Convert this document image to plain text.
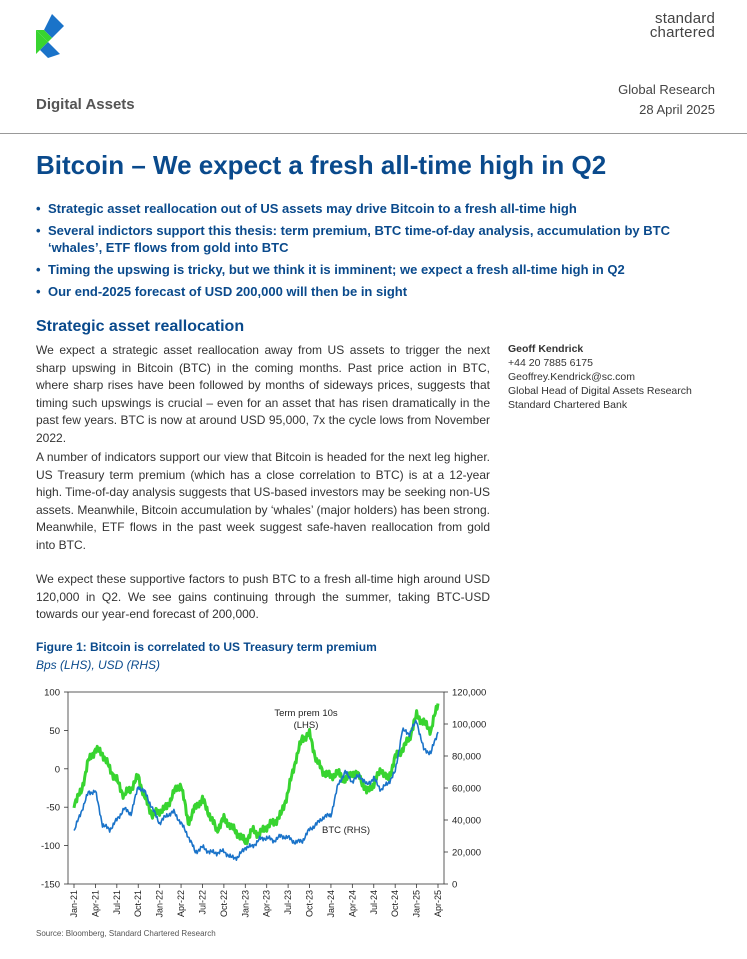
standard
chartered
Digital Assets
Global Research
28 April 2025
Bitcoin – We expect a fresh all-time high in Q2
• Strategic asset reallocation out of US assets may drive Bitcoin to a fresh all-time high
• Several indictors support this thesis: term premium, BTC time-of-day analysis, accumulation by BTC ‘whales’, ETF flows from gold into BTC
• Timing the upswing is tricky, but we think it is imminent; we expect a fresh all-time high in Q2
• Our end-2025 forecast of USD 200,000 will then be in sight
Strategic asset reallocation

We expect a strategic asset reallocation away from US assets to trigger the next sharp upswing in Bitcoin (BTC) in the coming months. Past price action in BTC, where sharp rises have been followed by months of sideways prices, suggests that timing such upswings is crucial – even for an asset that has risen dramatically in the past few years. BTC is now at around USD 95,000, 7x the cycle lows from November 2022.

A number of indicators support our view that Bitcoin is headed for the next leg higher. US Treasury term premium (which has a close correlation to BTC) is at a 12-year high. Time-of-day analysis suggests that US-based investors may be seeking non-US assets. Meanwhile, Bitcoin accumulation by ‘whales’ (major holders) has been strong. Meanwhile, ETF flows in the past week suggest safe-haven reallocation from gold into BTC.

We expect these supportive factors to push BTC to a fresh all-time high around USD 120,000 in Q2. We see gains continuing through the summer, taking BTC-USD towards our year-end forecast of 200,000.

Geoff Kendrick
+44 20 7885 6175
Geoffrey.Kendrick@sc.com
Global Head of Digital Assets Research
Standard Chartered Bank
Figure 1: Bitcoin is correlated to US Treasury term premium
Bps (LHS), USD (RHS)
100
50
0
-50
-100
-150
120,000
100,000
80,000
60,000
40,000
20,000
0
Jan-21 Apr-21 Jul-21 Oct-21 Jan-22 Apr-22 Jul-22 Oct-22 Jan-23 Apr-23 Jul-23 Oct-23 Jan-24 Apr-24 Jul-24 Oct-24 Jan-25 Apr-25
Term prem 10s
(LHS)
BTC (RHS)
Source: Bloomberg, Standard Chartered Research
